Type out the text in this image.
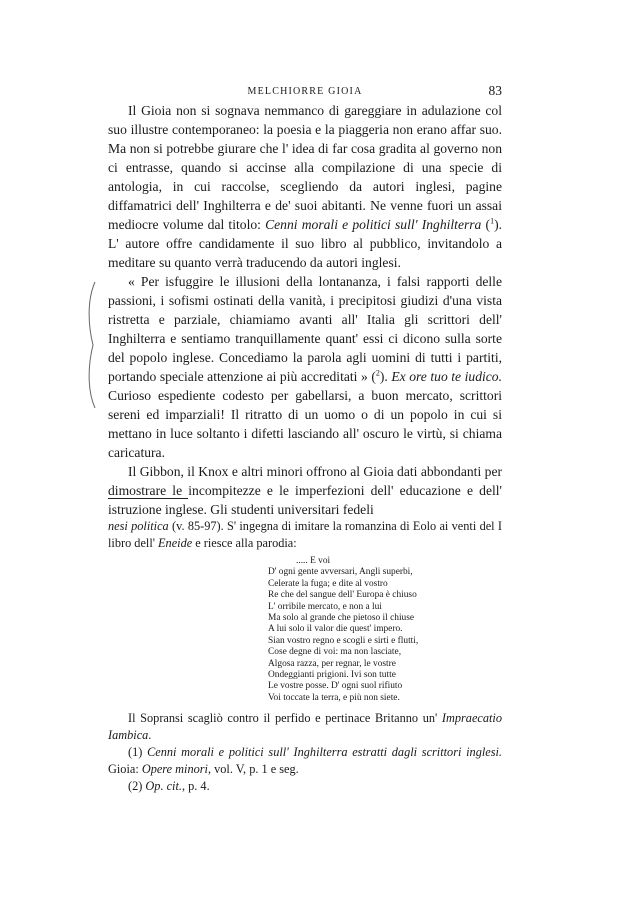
MELCHIORRE GIOIA	83

Il Gioia non si sognava nemmanco di gareggiare in adulazione col suo illustre contemporaneo: la poesia e la piaggeria non erano affar suo. Ma non si potrebbe giurare che l' idea di far cosa gradita al governo non ci entrasse, quando si accinse alla compilazione di una specie di antologia, in cui raccolse, scegliendo da autori inglesi, pagine diffamatrici dell' Inghilterra e de' suoi abitanti. Ne venne fuori un assai mediocre volume dal titolo: Cenni morali e politici sull' Inghilterra ($^1$). L' autore offre candidamente il suo libro al pubblico, invitandolo a meditare su quanto verrà traducendo da autori inglesi.

« Per isfuggire le illusioni della lontananza, i falsi rapporti delle passioni, i sofismi ostinati della vanità, i precipitosi giudizi d'una vista ristretta e parziale, chiamiamo avanti all' Italia gli scrittori dell' Inghilterra e sentiamo tranquillamente quant' essi ci dicono sulla sorte del popolo inglese. Concediamo la parola agli uomini di tutti i partiti, portando speciale attenzione ai più accreditati » ($^2$). Ex ore tuo te iudico. Curioso espediente codesto per gabellarsi, a buon mercato, scrittori sereni ed imparziali! Il ritratto di un uomo o di un popolo in cui si mettano in luce soltanto i difetti lasciando all' oscuro le virtù, si chiama caricatura.

Il Gibbon, il Knox e altri minori offrono al Gioia dati abbondanti per dimostrare le incompitezze e le imperfezioni dell' educazione e dell' istruzione inglese. Gli studenti universitari fedeli

nesi politica (v. 85-97). S' ingegna di imitare la romanzina di Eolo ai venti del I libro dell' Eneide e riesce alla parodia:

..... E voi
D' ogni gente avversari, Angli superbi,
Celerate la fuga; e dite al vostro
Re che del sangue dell' Europa è chiuso
L' orribile mercato, e non a lui
Ma solo al grande che pietoso il chiuse
A lui solo il valor die quest' impero.
Sian vostro regno e scogli e sirti e flutti,
Cose degne di voi: ma non lasciate,
Algosa razza, per regnar, le vostre
Ondeggianti prigioni. Ivi son tutte
Le vostre posse. D' ogni suol rifiuto
Voi toccate la terra, e più non siete.

Il Sopransi scagliò contro il perfido e pertinace Britanno un' Impraecatio Iambica.

(1) Cenni morali e politici sull' Inghilterra estratti dagli scrittori inglesi. Gioia: Opere minori, vol. V, p. 1 e seg.

(2) Op. cit., p. 4.
